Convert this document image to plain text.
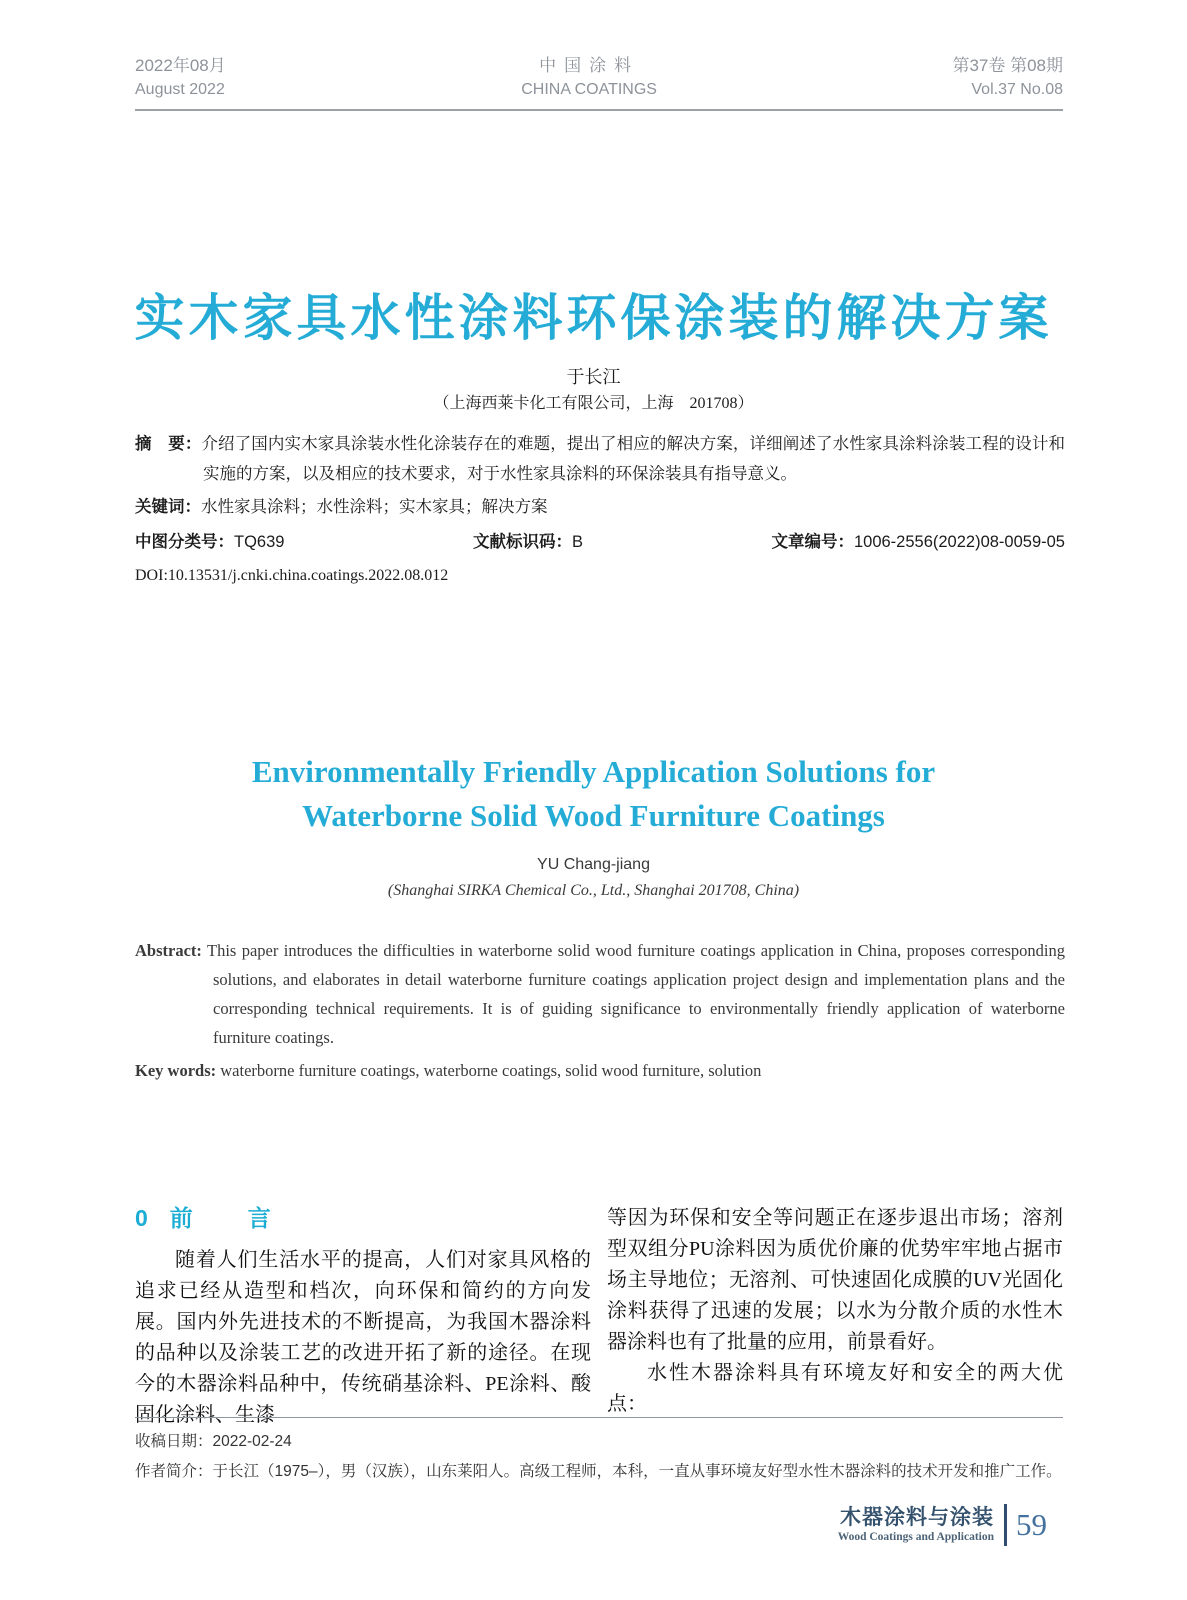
2022年08月
August 2022
中国涂料
CHINA COATINGS
第37卷 第08期
Vol.37 No.08
实木家具水性涂料环保涂装的解决方案
于长江
（上海西莱卡化工有限公司，上海　201708）

摘　要：介绍了国内实木家具涂装水性化涂装存在的难题，提出了相应的解决方案，详细阐述了水性家具涂料涂装工程的设计和实施的方案，以及相应的技术要求，对于水性家具涂料的环保涂装具有指导意义。

关键词：水性家具涂料；水性涂料；实木家具；解决方案

中图分类号：TQ639	文献标识码：B	文章编号：1006-2556(2022)08-0059-05
DOI:10.13531/j.cnki.china.coatings.2022.08.012
Environmentally Friendly Application Solutions for
Waterborne Solid Wood Furniture Coatings
YU Chang-jiang
(Shanghai SIRKA Chemical Co., Ltd., Shanghai 201708, China)

Abstract: This paper introduces the difficulties in waterborne solid wood furniture coatings application in China, proposes corresponding solutions, and elaborates in detail waterborne furniture coatings application project design and implementation plans and the corresponding technical requirements. It is of guiding significance to environmentally friendly application of waterborne furniture coatings.

Key words: waterborne furniture coatings, waterborne coatings, solid wood furniture, solution

0 前　言

随着人们生活水平的提高，人们对家具风格的追求已经从造型和档次，向环保和简约的方向发展。国内外先进技术的不断提高，为我国木器涂料的品种以及涂装工艺的改进开拓了新的途径。在现今的木器涂料品种中，传统硝基涂料、PE涂料、酸固化涂料、生漆

等因为环保和安全等问题正在逐步退出市场；溶剂型双组分PU涂料因为质优价廉的优势牢牢地占据市场主导地位；无溶剂、可快速固化成膜的UV光固化涂料获得了迅速的发展；以水为分散介质的水性木器涂料也有了批量的应用，前景看好。

水性木器涂料具有环境友好和安全的两大优点：

收稿日期：2022-02-24
作者简介：于长江（1975–），男（汉族），山东莱阳人。高级工程师，本科，一直从事环境友好型水性木器涂料的技术开发和推广工作。
木器涂料与涂装
Wood Coatings and Application 59
